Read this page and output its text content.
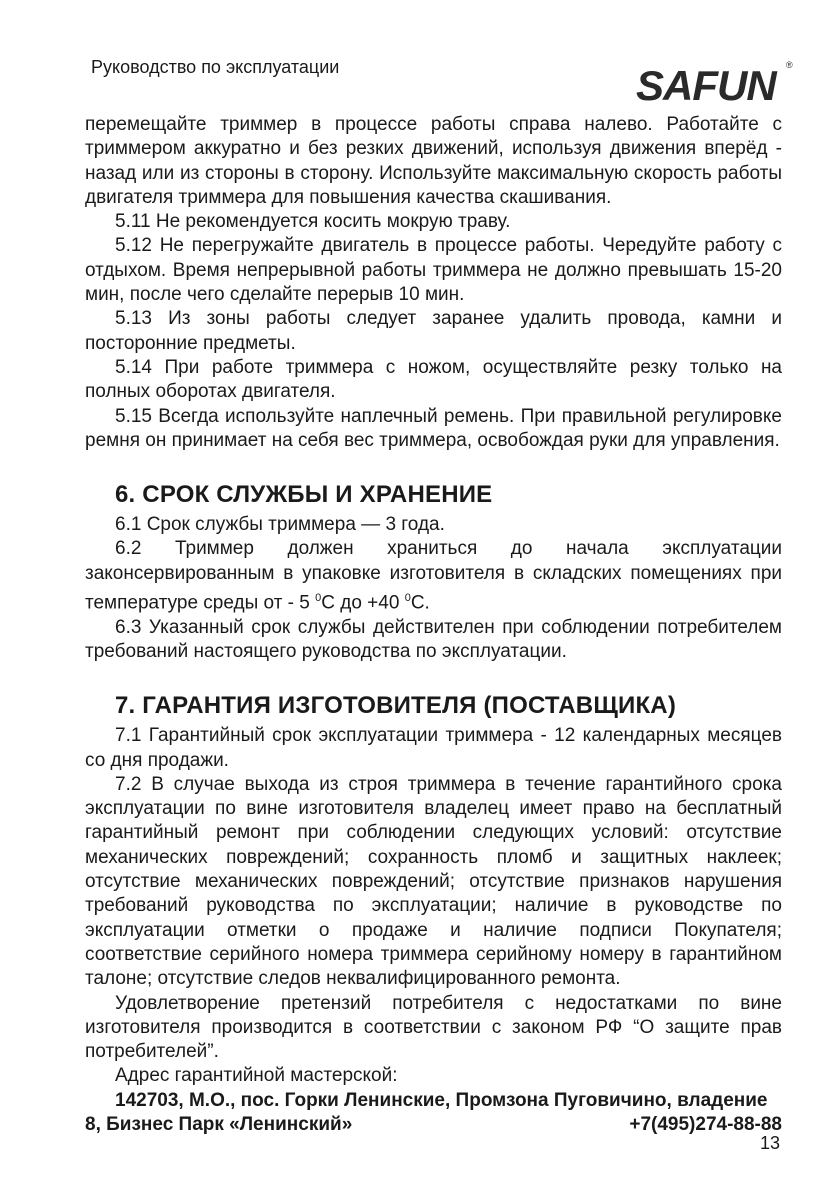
Руководство по эксплуатации	SAFUN ®

перемещайте триммер в процессе работы справа налево. Работайте с триммером аккуратно и без резких движений, используя движения вперёд - назад или из стороны в сторону. Используйте максимальную скорость работы двигателя триммера для повышения качества скашивания.

5.11 Не рекомендуется косить мокрую траву.

5.12 Не перегружайте двигатель в процессе работы. Чередуйте работу с отдыхом. Время непрерывной работы триммера не должно превышать 15-20 мин, после чего сделайте перерыв 10 мин.

5.13 Из зоны работы следует заранее удалить провода, камни и посторонние предметы.

5.14 При работе триммера с ножом, осуществляйте резку только на полных оборотах двигателя.

5.15 Всегда используйте наплечный ремень. При правильной регулировке ремня он принимает на себя вес триммера, освобождая руки для управления.

6. СРОК СЛУЖБЫ И ХРАНЕНИЕ

6.1 Срок службы триммера — 3 года.

6.2 Триммер должен храниться до начала эксплуатации законсервированным в упаковке изготовителя в складских помещениях при температуре среды от - 5 $^0$С до +40 $^0$С.

6.3 Указанный срок службы действителен при соблюдении потребителем требований настоящего руководства по эксплуатации.

7. ГАРАНТИЯ ИЗГОТОВИТЕЛЯ (ПОСТАВЩИКА)

7.1 Гарантийный срок эксплуатации триммера - 12 календарных месяцев со дня продажи.

7.2 В случае выхода из строя триммера в течение гарантийного срока эксплуатации по вине изготовителя владелец имеет право на бесплатный гарантийный ремонт при соблюдении следующих условий: отсутствие механических повреждений; сохранность пломб и защитных наклеек; отсутствие механических повреждений; отсутствие признаков нарушения требований руководства по эксплуатации; наличие в руководстве по эксплуатации отметки о продаже и наличие подписи Покупателя; соответствие серийного номера триммера серийному номеру в гарантийном талоне; отсутствие следов неквалифицированного ремонта.

Удовлетворение претензий потребителя с недостатками по вине изготовителя производится в соответствии с законом РФ “О защите прав потребителей”.

Адрес гарантийной мастерской:

142703, М.О., пос. Горки Ленинские, Промзона Пуговичино, владение

8, Бизнес Парк «Ленинский»	+7(495)274-88-88
13
